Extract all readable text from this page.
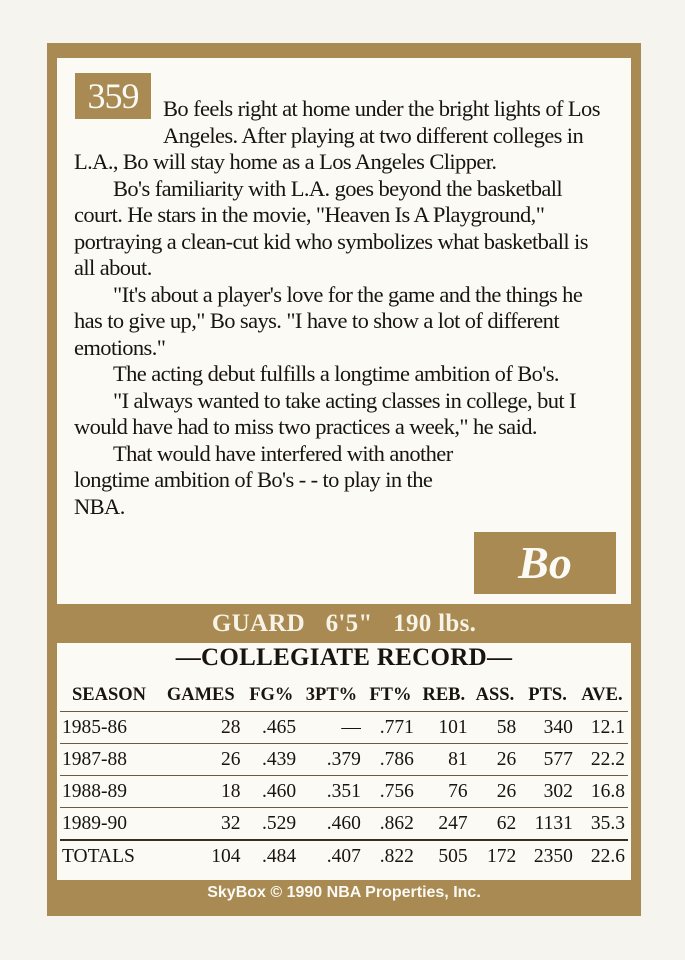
Bo feels right at home under the bright lights of Los Angeles. After playing at two different colleges in L.A., Bo will stay home as a Los Angeles Clipper.

Bo's familiarity with L.A. goes beyond the basketball court. He stars in the movie, "Heaven Is A Playground," portraying a clean-cut kid who symbolizes what basketball is all about.

"It's about a player's love for the game and the things he has to give up," Bo says. "I have to show a lot of different emotions."

The acting debut fulfills a longtime ambition of Bo's.

"I always wanted to take acting classes in college, but I would have had to miss two practices a week," he said.

That would have interfered with another longtime ambition of Bo's - - to play in the NBA.

359
Bo
GUARD 6'5" 190 lbs.
—COLLEGIATE RECORD—
SEASON	GAMES	FG%	3PT%	FT%	REB.	ASS.	PTS.	AVE.
1985-86	28	.465	—	.771	101	58	340	12.1
1987-88	26	.439	.379	.786	81	26	577	22.2
1988-89	18	.460	.351	.756	76	26	302	16.8
1989-90	32	.529	.460	.862	247	62	1131	35.3
TOTALS	104	.484	.407	.822	505	172	2350	22.6
SkyBox © 1990 NBA Properties, Inc.
